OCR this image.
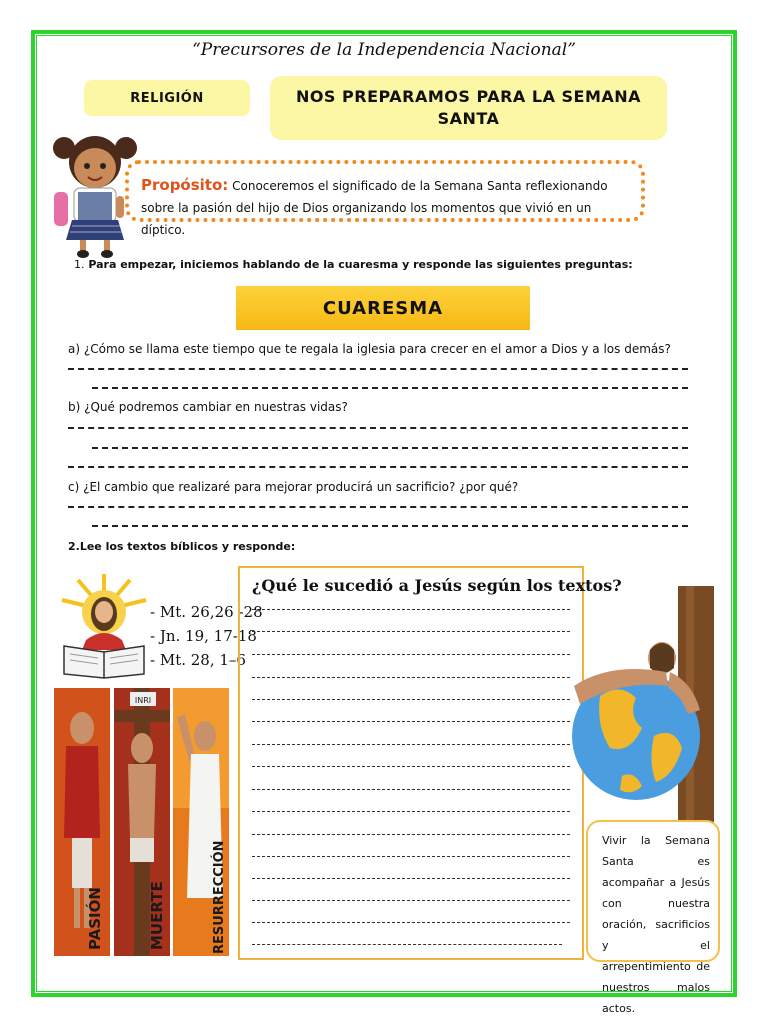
“Precursores de la Independencia Nacional”
RELIGIÓN	NOS PREPARAMOS PARA LA SEMANA SANTA
Propósito: Conoceremos el significado de la Semana Santa reflexionando sobre la pasión del hijo de Dios organizando los momentos que vivió en un díptico.
1. Para empezar, iniciemos hablando de la cuaresma y responde las siguientes preguntas:
CUARESMA
a) ¿Cómo se llama este tiempo que te regala la iglesia para crecer en el amor a Dios y a los demás?
b) ¿Qué podremos cambiar en nuestras vidas?
c) ¿El cambio que realizaré para mejorar producirá un sacrificio? ¿por qué?
2.Lee los textos bíblicos y responde:
- Mt. 26,26 -28
- Jn. 19, 17-18
- Mt. 28, 1–6
PASIÓN
INRI
MUERTE	RESURRECCIÓN
¿Qué le sucedió a Jesús según los textos?
Vivir la Semana Santa es acompañar a Jesús con nuestra oración, sacrificios y el arrepentimiento de nuestros malos actos.
